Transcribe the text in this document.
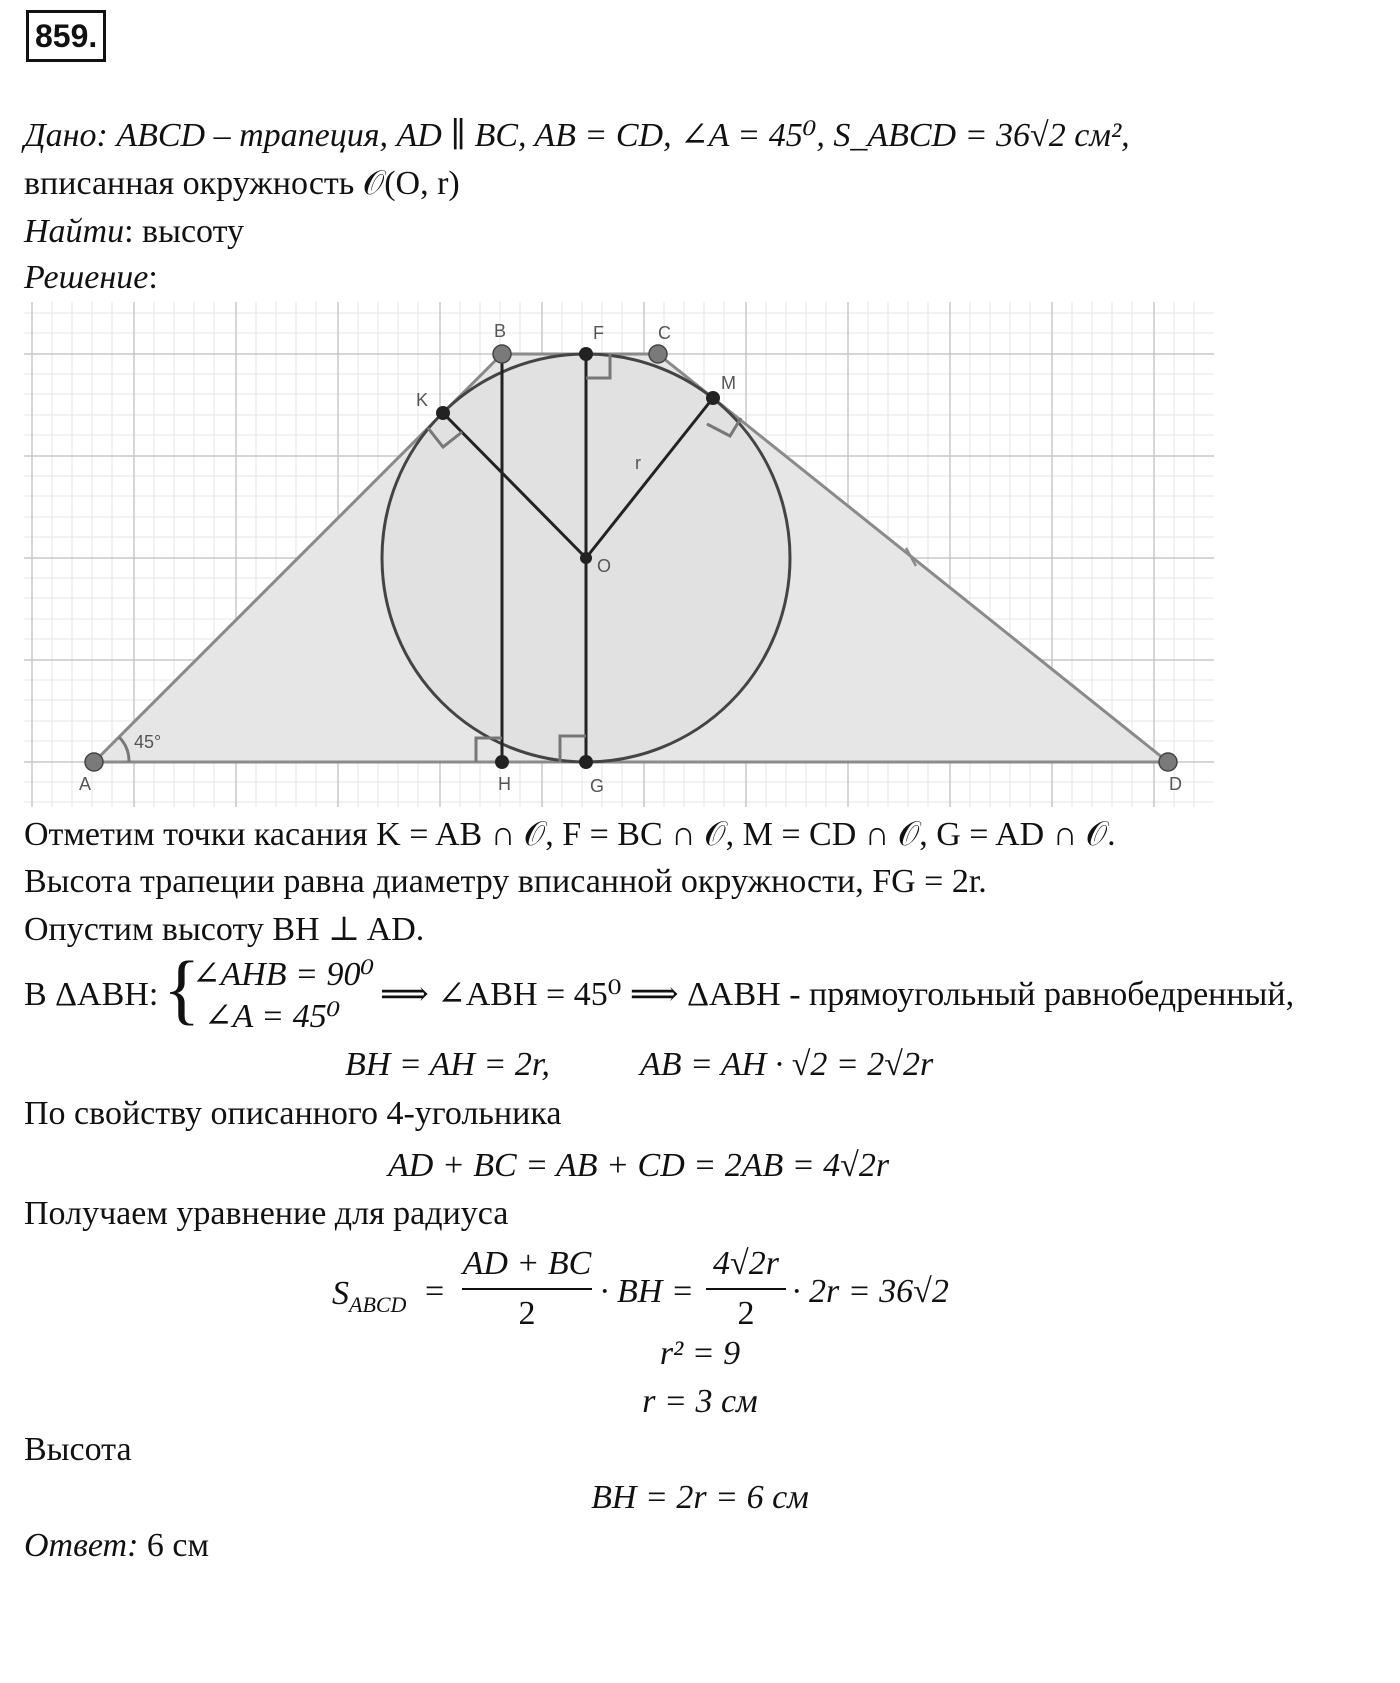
859.
Дано: ABCD – трапеция, AD ∥ BC, AB = CD, ∠A = 45⁰, S_ABCD = 36√2 см²,
вписанная окружность 𝒪(O, r)
Найти: высоту
Решение:
A
B	C
D
F
K
M
O
H	G
45°
r
Отметим точки касания K = AB ∩ 𝒪, F = BC ∩ 𝒪, M = CD ∩ 𝒪, G = AD ∩ 𝒪.
Высота трапеции равна диаметру вписанной окружности, FG = 2r.
Опустим высоту BH ⊥ AD.
В ΔABH: {
∠AHB = 90⁰
∠A = 45⁰
⟹ ∠ABH = 45⁰ ⟹ ΔABH - прямоугольный равнобедренный,
BH = AH = 2r,	AB = AH · √2 = 2√2r
По свойству описанного 4-угольника
AD + BC = AB + CD = 2AB = 4√2r
Получаем уравнение для радиуса
$S_{ABCD}$ =
AD + BC
2
· BH =
4√2r
2
· 2r = 36√2
r² = 9
r = 3 см
Высота
BH = 2r = 6 см
Ответ: 6 см
